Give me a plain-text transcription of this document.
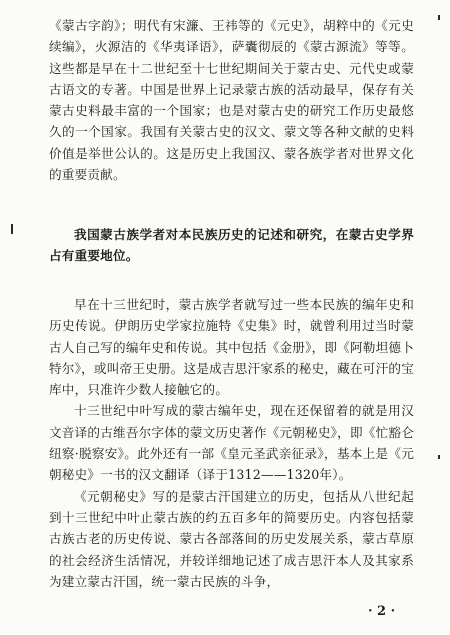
《蒙古字韵》；明代有宋濂、王祎等的《元史》，胡粹中的《元史续编》，火源洁的《华夷译语》，萨囊彻辰的《蒙古源流》等等。这些都是早在十二世纪至十七世纪期间关于蒙古史、元代史或蒙古语文的专著。中国是世界上记录蒙古族的活动最早，保存有关蒙古史料最丰富的一个国家；也是对蒙古史的研究工作历史最悠久的一个国家。我国有关蒙古史的汉文、蒙文等各种文献的史料价值是举世公认的。这是历史上我国汉、蒙各族学者对世界文化的重要贡献。

我国蒙古族学者对本民族历史的记述和研究，在蒙古史学界占有重要地位。

早在十三世纪时，蒙古族学者就写过一些本民族的编年史和历史传说。伊朗历史学家拉施特《史集》时，就曾利用过当时蒙古人自己写的编年史和传说。其中包括《金册》，即《阿勒坦德卜特尔》，或叫帝王史册。这是成吉思汗家系的秘史，藏在可汗的宝库中，只准许少数人接触它的。

十三世纪中叶写成的蒙古编年史，现在还保留着的就是用汉文音译的古维吾尔字体的蒙文历史著作《元朝秘史》，即《忙豁仑纽察·脱察安》。此外还有一部《皇元圣武亲征录》，基本上是《元朝秘史》一书的汉文翻译（译于1312——1320年）。

《元朝秘史》写的是蒙古汗国建立的历史，包括从八世纪起到十三世纪中叶止蒙古族的约五百多年的简要历史。内容包括蒙古族古老的历史传说、蒙古各部落间的历史发展关系，蒙古草原的社会经济生活情况，并较详细地记述了成吉思汗本人及其家系为建立蒙古汗国，统一蒙古民族的斗争，

· 2 ·
